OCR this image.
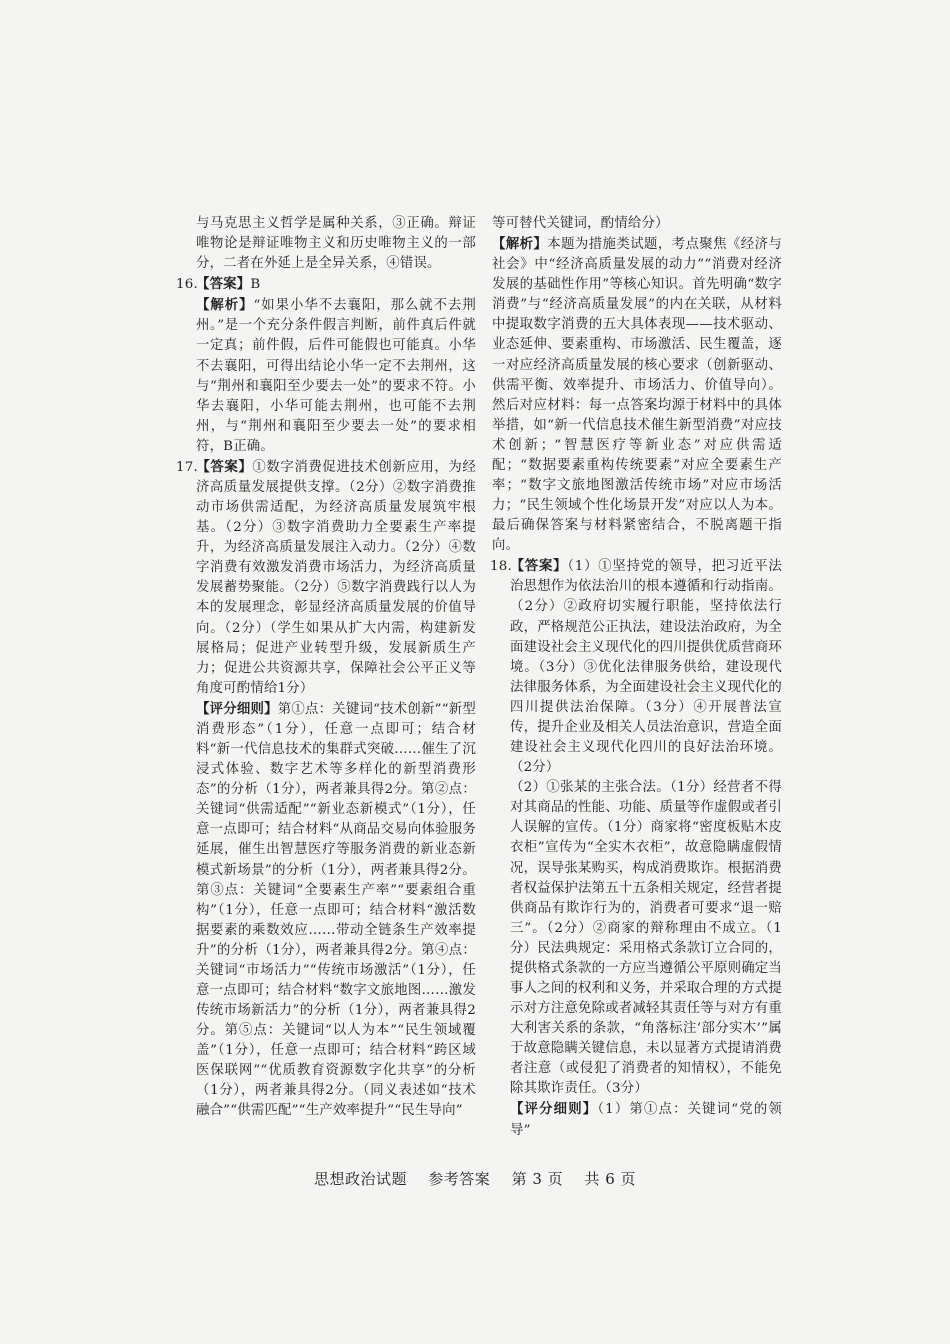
与马克思主义哲学是属种关系，③正确。辩证唯物论是辩证唯物主义和历史唯物主义的一部分，二者在外延上是全异关系，④错误。

16.【答案】B
【解析】“如果小华不去襄阳，那么就不去荆州。”是一个充分条件假言判断，前件真后件就一定真；前件假，后件可能假也可能真。小华不去襄阳，可得出结论小华一定不去荆州，这与“荆州和襄阳至少要去一处”的要求不符。小华去襄阳，小华可能去荆州，也可能不去荆州，与“荆州和襄阳至少要去一处”的要求相符，B正确。

17.【答案】①数字消费促进技术创新应用，为经济高质量发展提供支撑。（2分）②数字消费推动市场供需适配，为经济高质量发展筑牢根基。（2分）③数字消费助力全要素生产率提升，为经济高质量发展注入动力。（2分）④数字消费有效激发消费市场活力，为经济高质量发展蓄势聚能。（2分）⑤数字消费践行以人为本的发展理念，彰显经济高质量发展的价值导向。（2分）（学生如果从扩大内需，构建新发展格局；促进产业转型升级，发展新质生产力；促进公共资源共享，保障社会公平正义等角度可酌情给1分）
【评分细则】第①点：关键词“技术创新”“新型消费形态”（1分），任意一点即可；结合材料“新一代信息技术的集群式突破……催生了沉浸式体验、数字艺术等多样化的新型消费形态”的分析（1分），两者兼具得2分。第②点：关键词“供需适配”“新业态新模式”（1分），任意一点即可；结合材料“从商品交易向体验服务延展，催生出智慧医疗等服务消费的新业态新模式新场景”的分析（1分），两者兼具得2分。第③点：关键词“全要素生产率”“要素组合重构”（1分），任意一点即可；结合材料“激活数据要素的乘数效应……带动全链条生产效率提升”的分析（1分），两者兼具得2分。第④点：关键词“市场活力”“传统市场激活”（1分），任意一点即可；结合材料“数字文旅地图……激发传统市场新活力”的分析（1分），两者兼具得2分。第⑤点：关键词“以人为本”“民生领域覆盖”（1分），任意一点即可；结合材料“跨区域医保联网”“优质教育资源数字化共享”的分析（1分），两者兼具得2分。（同义表述如“技术融合”“供需匹配”“生产效率提升”“民生导向”

等可替代关键词，酌情给分）

【解析】本题为措施类试题，考点聚焦《经济与社会》中“经济高质量发展的动力”“消费对经济发展的基础性作用”等核心知识。首先明确“数字消费”与“经济高质量发展”的内在关联，从材料中提取数字消费的五大具体表现——技术驱动、业态延伸、要素重构、市场激活、民生覆盖，逐一对应经济高质量发展的核心要求（创新驱动、供需平衡、效率提升、市场活力、价值导向）。然后对应材料：每一点答案均源于材料中的具体举措，如“新一代信息技术催生新型消费”对应技术创新；“智慧医疗等新业态”对应供需适配；“数据要素重构传统要素”对应全要素生产率；“数字文旅地图激活传统市场”对应市场活力；“民生领域个性化场景开发”对应以人为本。最后确保答案与材料紧密结合，不脱离题干指向。

18.【答案】（1）①坚持党的领导，把习近平法治思想作为依法治川的根本遵循和行动指南。（2分）②政府切实履行职能，坚持依法行政，严格规范公正执法，建设法治政府，为全面建设社会主义现代化的四川提供优质营商环境。（3分）③优化法律服务供给，建设现代法律服务体系，为全面建设社会主义现代化的四川提供法治保障。（3分）④开展普法宣传，提升企业及相关人员法治意识，营造全面建设社会主义现代化四川的良好法治环境。（2分）
（2）①张某的主张合法。（1分）经营者不得对其商品的性能、功能、质量等作虚假或者引人误解的宣传。（1分）商家将“密度板贴木皮衣柜”宣传为“全实木衣柜”，故意隐瞒虚假情况，误导张某购买，构成消费欺诈。根据消费者权益保护法第五十五条相关规定，经营者提供商品有欺诈行为的，消费者可要求“退一赔三”。（2分）②商家的辩称理由不成立。（1分）民法典规定：采用格式条款订立合同的，提供格式条款的一方应当遵循公平原则确定当事人之间的权利和义务，并采取合理的方式提示对方注意免除或者减轻其责任等与对方有重大利害关系的条款，“角落标注‘部分实木’”属于故意隐瞒关键信息，未以显著方式提请消费者注意（或侵犯了消费者的知情权），不能免除其欺诈责任。（3分）
【评分细则】（1）第①点：关键词“党的领导”

思想政治试题 参考答案 第 3 页 共 6 页
